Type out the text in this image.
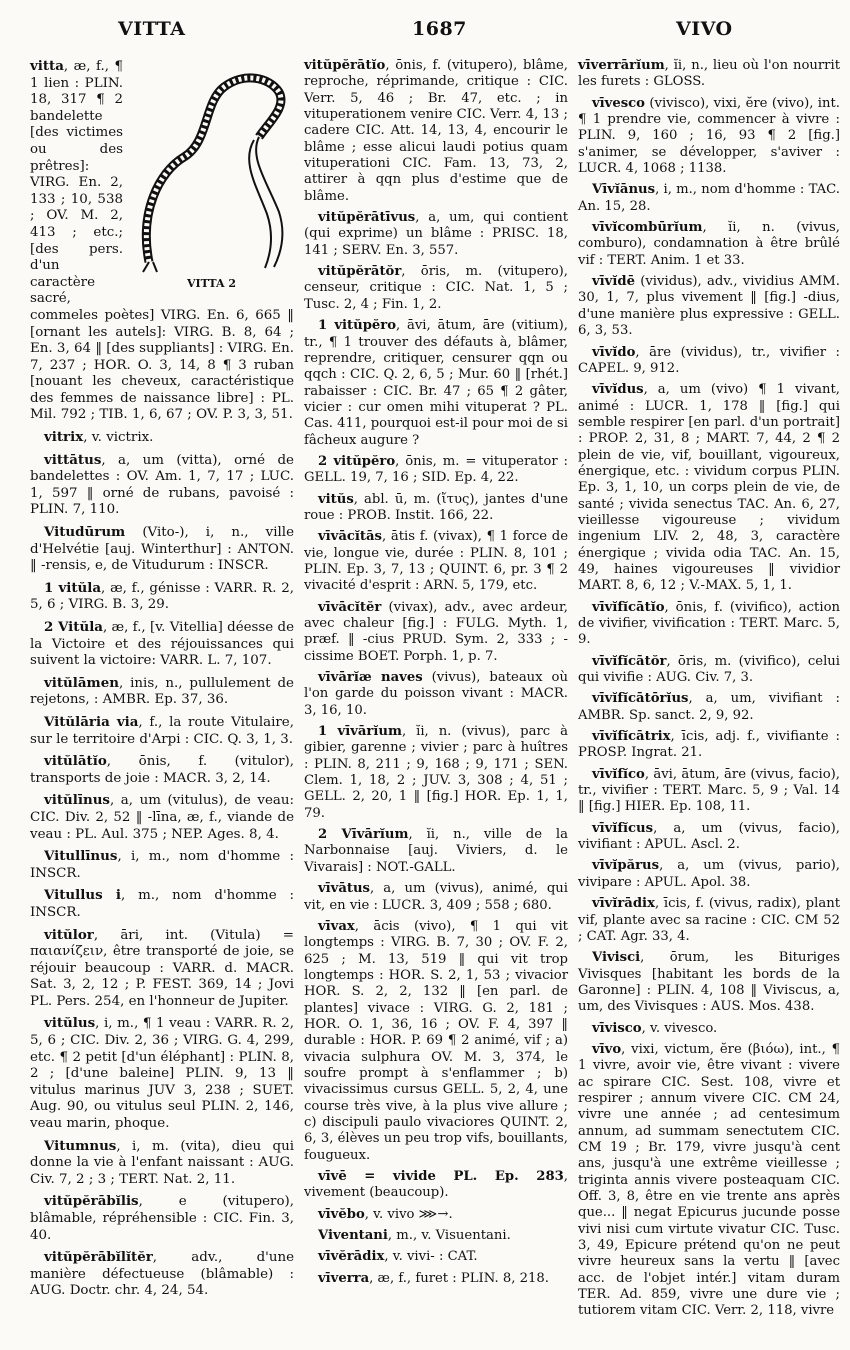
VITTA	1687	VIVO
VITTA 2

vitta, æ, f., ¶ 1 lien : PLIN. 18, 317 ¶ 2 bandelette [des victimes ou des prêtres]: VIRG. En. 2, 133 ; 10, 538 ; OV. M. 2, 413 ; etc.; [des pers. d'un caractère sacré, commeles poètes] VIRG. En. 6, 665 ‖ [ornant les autels]: VIRG. B. 8, 64 ; En. 3, 64 ‖ [des suppliants] : VIRG. En. 7, 237 ; HOR. O. 3, 14, 8 ¶ 3 ruban [nouant les cheveux, caractéristique des femmes de naissance libre] : PL. Mil. 792 ; TIB. 1, 6, 67 ; OV. P. 3, 3, 51.

vitrix, v. victrix.

vittātus, a, um (vitta), orné de bandelettes : OV. Am. 1, 7, 17 ; LUC. 1, 597 ‖ orné de rubans, pavoisé : PLIN. 7, 110.

Vitudūrum (Vito-), i, n., ville d'Helvétie [auj. Winterthur] : ANTON. ‖ -rensis, e, de Vitudurum : INSCR.

1 vitŭla, æ, f., génisse : VARR. R. 2, 5, 6 ; VIRG. B. 3, 29.

2 Vitŭla, æ, f., [v. Vitellia] déesse de la Victoire et des réjouissances qui suivent la victoire: VARR. L. 7, 107.

vitŭlāmen, inis, n., pullulement de rejetons, : AMBR. Ep. 37, 36.

Vitŭlāria via, f., la route Vitulaire, sur le territoire d'Arpi : CIC. Q. 3, 1, 3.

vitŭlātĭo, ōnis, f. (vitulor), transports de joie : MACR. 3, 2, 14.

vitŭlīnus, a, um (vitulus), de veau: CIC. Div. 2, 52 ‖ -līna, æ, f., viande de veau : PL. Aul. 375 ; NEP. Ages. 8, 4.

Vitullīnus, i, m., nom d'homme : INSCR.

Vitullus i, m., nom d'homme : INSCR.

vitŭlor, āri, int. (Vitula) = παιανίζειν, être transporté de joie, se réjouir beaucoup : VARR. d. MACR. Sat. 3, 2, 12 ; P. FEST. 369, 14 ; Jovi PL. Pers. 254, en l'honneur de Jupiter.

vitŭlus, i, m., ¶ 1 veau : VARR. R. 2, 5, 6 ; CIC. Div. 2, 36 ; VIRG. G. 4, 299, etc. ¶ 2 petit [d'un éléphant] : PLIN. 8, 2 ; [d'une baleine] PLIN. 9, 13 ‖ vitulus marinus JUV 3, 238 ; SUET. Aug. 90, ou vitulus seul PLIN. 2, 146, veau marin, phoque.

Vitumnus, i, m. (vita), dieu qui donne la vie à l'enfant naissant : AUG. Civ. 7, 2 ; 3 ; TERT. Nat. 2, 11.

vitŭpĕrābĭlis, e (vitupero), blâmable, répréhensible : CIC. Fin. 3, 40.

vitŭpĕrābĭlĭtĕr, adv., d'une manière défectueuse (blâmable) : AUG. Doctr. chr. 4, 24, 54.

vitŭpĕrātĭo, ōnis, f. (vitupero), blâme, reproche, réprimande, critique : CIC. Verr. 5, 46 ; Br. 47, etc. ; in vituperationem venire CIC. Verr. 4, 13 ; cadere CIC. Att. 14, 13, 4, encourir le blâme ; esse alicui laudi potius quam vituperationi CIC. Fam. 13, 73, 2, attirer à qqn plus d'estime que de blâme.

vitŭpĕrātīvus, a, um, qui contient (qui exprime) un blâme : PRISC. 18, 141 ; SERV. En. 3, 557.

vitŭpĕrātŏr, ōris, m. (vitupero), censeur, critique : CIC. Nat. 1, 5 ; Tusc. 2, 4 ; Fin. 1, 2.

1 vitŭpĕro, āvi, ātum, āre (vitium), tr., ¶ 1 trouver des défauts à, blâmer, reprendre, critiquer, censurer qqn ou qqch : CIC. Q. 2, 6, 5 ; Mur. 60 ‖ [rhét.] rabaisser : CIC. Br. 47 ; 65 ¶ 2 gâter, vicier : cur omen mihi vituperat ? PL. Cas. 411, pourquoi est-il pour moi de si fâcheux augure ?

2 vitŭpĕro, ōnis, m. = vituperator : GELL. 19, 7, 16 ; SID. Ep. 4, 22.

vitŭs, abl. ū, m. (ἴτυς), jantes d'une roue : PROB. Instit. 166, 22.

vīvācĭtās, ātis f. (vivax), ¶ 1 force de vie, longue vie, durée : PLIN. 8, 101 ; PLIN. Ep. 3, 7, 13 ; QUINT. 6, pr. 3 ¶ 2 vivacité d'esprit : ARN. 5, 179, etc.

vīvācĭtĕr (vivax), adv., avec ardeur, avec chaleur [fig.] : FULG. Myth. 1, præf. ‖ -cius PRUD. Sym. 2, 333 ; -cissime BOET. Porph. 1, p. 7.

vīvārĭæ naves (vivus), bateaux où l'on garde du poisson vivant : MACR. 3, 16, 10.

1 vīvārĭum, ĭi, n. (vivus), parc à gibier, garenne ; vivier ; parc à huîtres : PLIN. 8, 211 ; 9, 168 ; 9, 171 ; SEN. Clem. 1, 18, 2 ; JUV. 3, 308 ; 4, 51 ; GELL. 2, 20, 1 ‖ [fig.] HOR. Ep. 1, 1, 79.

2 Vīvārĭum, ĭi, n., ville de la Narbonnaise [auj. Viviers, d. le Vivarais] : NOT.-GALL.

vīvātus, a, um (vivus), animé, qui vit, en vie : LUCR. 3, 409 ; 558 ; 680.

vīvax, ācis (vivo), ¶ 1 qui vit longtemps : VIRG. B. 7, 30 ; OV. F. 2, 625 ; M. 13, 519 ‖ qui vit trop longtemps : HOR. S. 2, 1, 53 ; vivacior HOR. S. 2, 2, 132 ‖ [en parl. de plantes] vivace : VIRG. G. 2, 181 ; HOR. O. 1, 36, 16 ; OV. F. 4, 397 ‖ durable : HOR. P. 69 ¶ 2 animé, vif ; a) vivacia sulphura OV. M. 3, 374, le soufre prompt à s'enflammer ; b) vivacissimus cursus GELL. 5, 2, 4, une course très vive, à la plus vive allure ; c) discipuli paulo vivaciores QUINT. 2, 6, 3, élèves un peu trop vifs, bouillants, fougueux.

vīvē = vivide PL. Ep. 283, vivement (beaucoup).

vīvĕbo, v. vivo ⋙→.

Viventani, m., v. Visuentani.

vīvĕrādix, v. vivi- : CAT.

vīverra, æ, f., furet : PLIN. 8, 218.

vīverrārĭum, ĭi, n., lieu où l'on nourrit les furets : GLOSS.

vīvesco (vivisco), vixi, ĕre (vivo), int. ¶ 1 prendre vie, commencer à vivre : PLIN. 9, 160 ; 16, 93 ¶ 2 [fig.] s'animer, se développer, s'aviver : LUCR. 4, 1068 ; 1138.

Vīvĭānus, i, m., nom d'homme : TAC. An. 15, 28.

vīvĭcombūrĭum, ĭi, n. (vivus, comburo), condamnation à être brûlé vif : TERT. Anim. 1 et 33.

vīvĭdē (vividus), adv., vividius AMM. 30, 1, 7, plus vivement ‖ [fig.] -dius, d'une manière plus expressive : GELL. 6, 3, 53.

vīvĭdo, āre (vividus), tr., vivifier : CAPEL. 9, 912.

vīvĭdus, a, um (vivo) ¶ 1 vivant, animé : LUCR. 1, 178 ‖ [fig.] qui semble respirer [en parl. d'un portrait] : PROP. 2, 31, 8 ; MART. 7, 44, 2 ¶ 2 plein de vie, vif, bouillant, vigoureux, énergique, etc. : vividum corpus PLIN. Ep. 3, 1, 10, un corps plein de vie, de santé ; vivida senectus TAC. An. 6, 27, vieillesse vigoureuse ; vividum ingenium LIV. 2, 48, 3, caractère énergique ; vivida odia TAC. An. 15, 49, haines vigoureuses ‖ vividior MART. 8, 6, 12 ; V.-MAX. 5, 1, 1.

vīvĭfĭcātĭo, ōnis, f. (vivifico), action de vivifier, vivification : TERT. Marc. 5, 9.

vīvĭfĭcātŏr, ōris, m. (vivifico), celui qui vivifie : AUG. Civ. 7, 3.

vīvĭfĭcātōrĭus, a, um, vivifiant : AMBR. Sp. sanct. 2, 9, 92.

vīvĭfĭcātrix, īcis, adj. f., vivifiante : PROSP. Ingrat. 21.

vīvĭfĭco, āvi, ātum, āre (vivus, facio), tr., vivifier : TERT. Marc. 5, 9 ; Val. 14 ‖ [fig.] HIER. Ep. 108, 11.

vīvĭfĭcus, a, um (vivus, facio), vivifiant : APUL. Ascl. 2.

vīvĭpărus, a, um (vivus, pario), vivipare : APUL. Apol. 38.

vīvĭrādix, īcis, f. (vivus, radix), plant vif, plante avec sa racine : CIC. CM 52 ; CAT. Agr. 33, 4.

Vivisci, ōrum, les Bituriges Vivisques [habitant les bords de la Garonne] : PLIN. 4, 108 ‖ Viviscus, a, um, des Vivisques : AUS. Mos. 438.

vīvisco, v. vivesco.

vīvo, vixi, victum, ĕre (βιόω), int., ¶ 1 vivre, avoir vie, être vivant : vivere ac spirare CIC. Sest. 108, vivre et respirer ; annum vivere CIC. CM 24, vivre une année ; ad centesimum annum, ad summam senectutem CIC. CM 19 ; Br. 179, vivre jusqu'à cent ans, jusqu'à une extrême vieillesse ; triginta annis vivere posteaquam CIC. Off. 3, 8, être en vie trente ans après que... ‖ negat Epicurus jucunde posse vivi nisi cum virtute vivatur CIC. Tusc. 3, 49, Epicure prétend qu'on ne peut vivre heureux sans la vertu ‖ [avec acc. de l'objet intér.] vitam duram TER. Ad. 859, vivre une dure vie ; tutiorem vitam CIC. Verr. 2, 118, vivre
